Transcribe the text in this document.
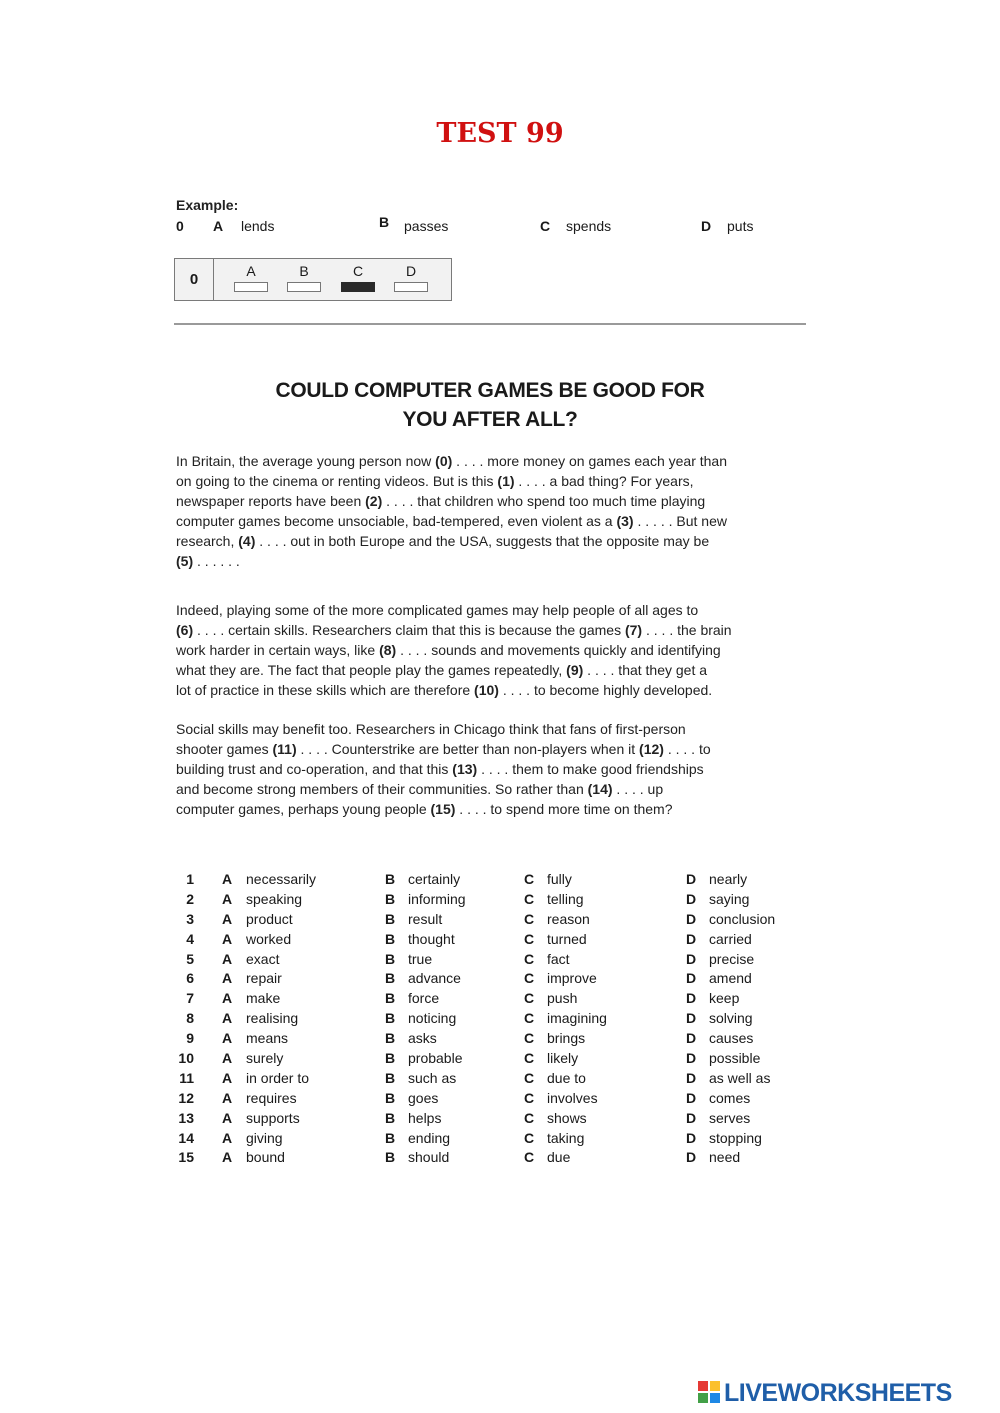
TEST 99
Example:
0 A lends	B passes	C spends	D puts
0	A	B	C	D
COULD COMPUTER GAMES BE GOOD FOR
YOU AFTER ALL?

In Britain, the average young person now (0) . . . . more money on games each year than

on going to the cinema or renting videos. But is this (1) . . . . a bad thing? For years,

newspaper reports have been (2) . . . . that children who spend too much time playing

computer games become unsociable, bad-tempered, even violent as a (3) . . . . . But new

research, (4) . . . . out in both Europe and the USA, suggests that the opposite may be

(5) . . . . . .

Indeed, playing some of the more complicated games may help people of all ages to

(6) . . . . certain skills. Researchers claim that this is because the games (7) . . . . the brain

work harder in certain ways, like (8) . . . . sounds and movements quickly and identifying

what they are. The fact that people play the games repeatedly, (9) . . . . that they get a

lot of practice in these skills which are therefore (10) . . . . to become highly developed.

Social skills may benefit too. Researchers in Chicago think that fans of first-person

shooter games (11) . . . . Counterstrike are better than non-players when it (12) . . . . to

building trust and co-operation, and that this (13) . . . . them to make good friendships

and become strong members of their communities. So rather than (14) . . . . up

computer games, perhaps young people (15) . . . . to spend more time on them?

1 A necessarily	B certainly	C fully	D nearly
2 A speaking	B informing	C telling	D saying
3 A product	B result	C reason	D conclusion
4 A worked	B thought	C turned	D carried
5 A exact	B true	C fact	D precise
6 A repair	B advance	C improve	D amend
7 A make	B force	C push	D keep
8 A realising	B noticing	C imagining	D solving
9 A means	B asks	C brings	D causes
10 A surely	B probable	C likely	D possible
11 A in order to	B such as	C due to	D as well as
12 A requires	B goes	C involves	D comes
13 A supports	B helps	C shows	D serves
14 A giving	B ending	C taking	D stopping
15 A bound	B should	C due	D need
LIVEWORKSHEETS
